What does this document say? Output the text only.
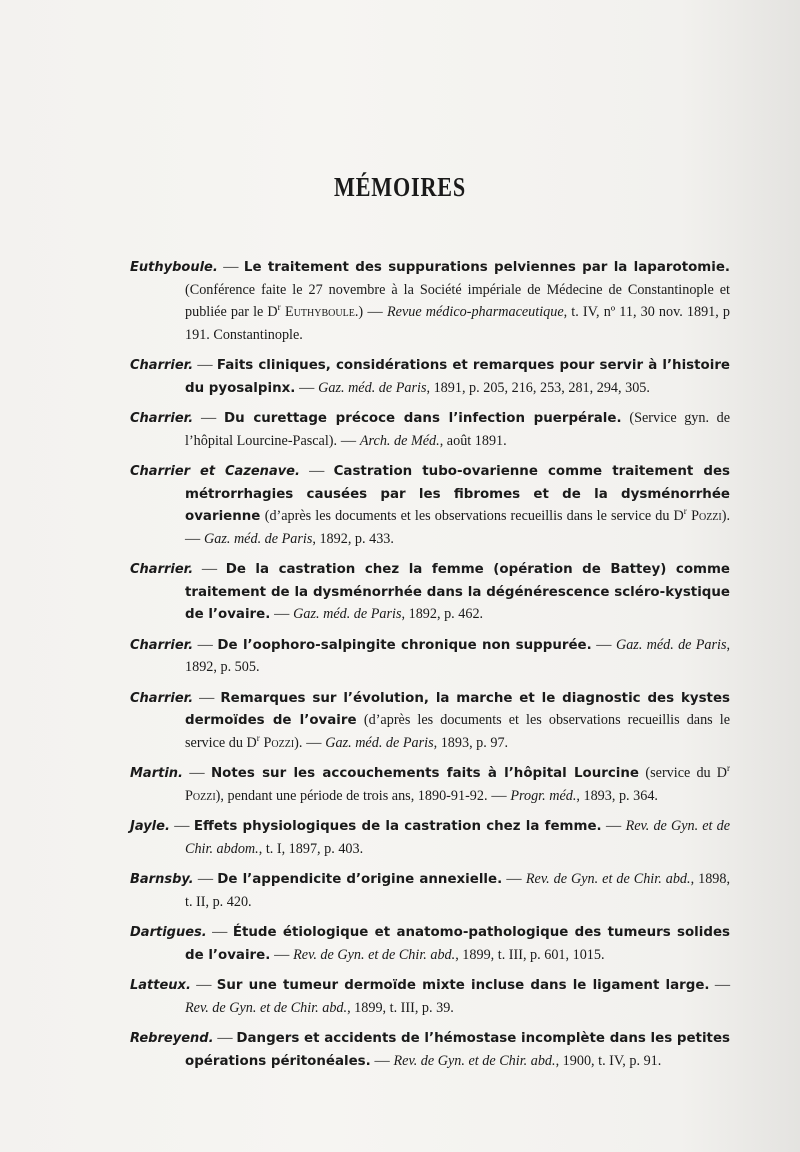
MÉMOIRES
Euthyboule. — Le traitement des suppurations pelviennes par la laparotomie. (Conférence faite le 27 novembre à la Société impériale de Médecine de Constantinople et publiée par le $D^r$ Euthyboule.) — Revue médico-pharmaceutique, t. IV, nº 11, 30 nov. 1891, p 191. Constantinople.
Charrier. — Faits cliniques, considérations et remarques pour servir à l’histoire du pyosalpinx. — Gaz. méd. de Paris, 1891, p. 205, 216, 253, 281, 294, 305.
Charrier. — Du curettage précoce dans l’infection puerpérale. (Service gyn. de l’hôpital Lourcine-Pascal). — Arch. de Méd., août 1891.
Charrier et Cazenave. — Castration tubo-ovarienne comme traitement des métrorrhagies causées par les fibromes et de la dysménorrhée ovarienne (d’après les documents et les observations recueillis dans le service du $D^r$ Pozzi). — Gaz. méd. de Paris, 1892, p. 433.
Charrier. — De la castration chez la femme (opération de Battey) comme traitement de la dysménorrhée dans la dégénérescence scléro-kystique de l’ovaire. — Gaz. méd. de Paris, 1892, p. 462.
Charrier. — De l’oophoro-salpingite chronique non suppurée. — Gaz. méd. de Paris, 1892, p. 505.
Charrier. — Remarques sur l’évolution, la marche et le diagnostic des kystes dermoïdes de l’ovaire (d’après les documents et les observations recueillis dans le service du $D^r$ Pozzi). — Gaz. méd. de Paris, 1893, p. 97.
Martin. — Notes sur les accouchements faits à l’hôpital Lourcine (service du $D^r$ Pozzi), pendant une période de trois ans, 1890-91-92. — Progr. méd., 1893, p. 364.
Jayle. — Effets physiologiques de la castration chez la femme. — Rev. de Gyn. et de Chir. abdom., t. I, 1897, p. 403.
Barnsby. — De l’appendicite d’origine annexielle. — Rev. de Gyn. et de Chir. abd., 1898, t. II, p. 420.
Dartigues. — Étude étiologique et anatomo-pathologique des tumeurs solides de l’ovaire. — Rev. de Gyn. et de Chir. abd., 1899, t. III, p. 601, 1015.
Latteux. — Sur une tumeur dermoïde mixte incluse dans le ligament large. — Rev. de Gyn. et de Chir. abd., 1899, t. III, p. 39.
Rebreyend. — Dangers et accidents de l’hémostase incomplète dans les petites opérations péritonéales. — Rev. de Gyn. et de Chir. abd., 1900, t. IV, p. 91.
